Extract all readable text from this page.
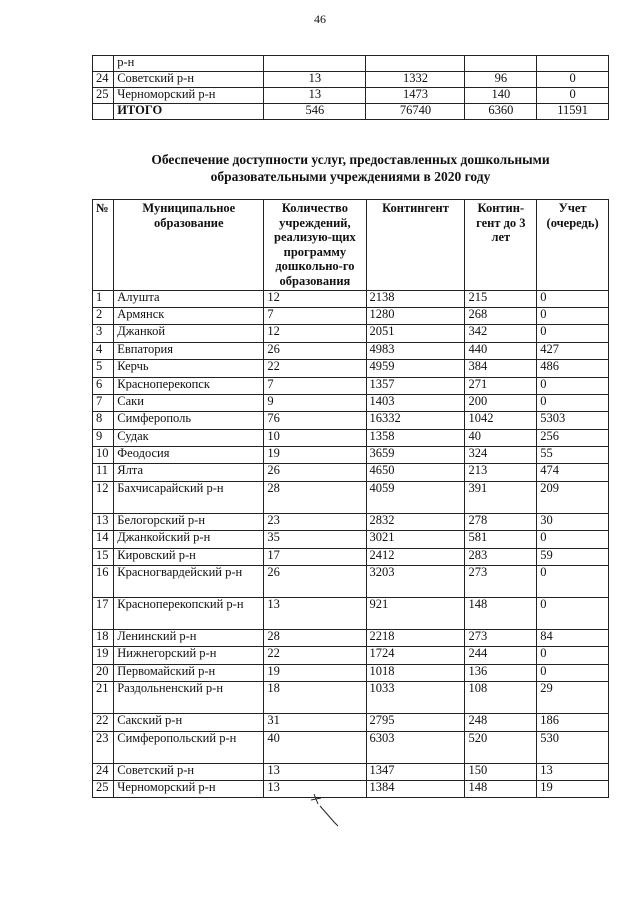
46
	р-н				
24	Советский р-н	13	1332	96	0
25	Черноморский р-н	13	1473	140	0
	ИТОГО	546	76740	6360	11591
Обеспечение доступности услуг, предоставленных дошкольными
образовательными учреждениями в 2020 году
№	Муниципальное образование	Количество учреждений, реализую-щих программу дошкольно-го образования	Контингент	Контин-гент до 3 лет	Учет (очередь)
1	Алушта	12	2138	215	0
2	Армянск	7	1280	268	0
3	Джанкой	12	2051	342	0
4	Евпатория	26	4983	440	427
5	Керчь	22	4959	384	486
6	Красноперекопск	7	1357	271	0
7	Саки	9	1403	200	0
8	Симферополь	76	16332	1042	5303
9	Судак	10	1358	40	256
10	Феодосия	19	3659	324	55
11	Ялта	26	4650	213	474
12	Бахчисарайский р-н	28	4059	391	209
13	Белогорский р-н	23	2832	278	30
14	Джанкойский р-н	35	3021	581	0
15	Кировский р-н	17	2412	283	59
16	Красногвардейский р-н	26	3203	273	0
17	Красноперекопский р-н	13	921	148	0
18	Ленинский р-н	28	2218	273	84
19	Нижнегорский р-н	22	1724	244	0
20	Первомайский р-н	19	1018	136	0
21	Раздольненский р-н	18	1033	108	29
22	Сакский р-н	31	2795	248	186
23	Симферопольский р-н	40	6303	520	530
24	Советский р-н	13	1347	150	13
25	Черноморский р-н	13	1384	148	19
